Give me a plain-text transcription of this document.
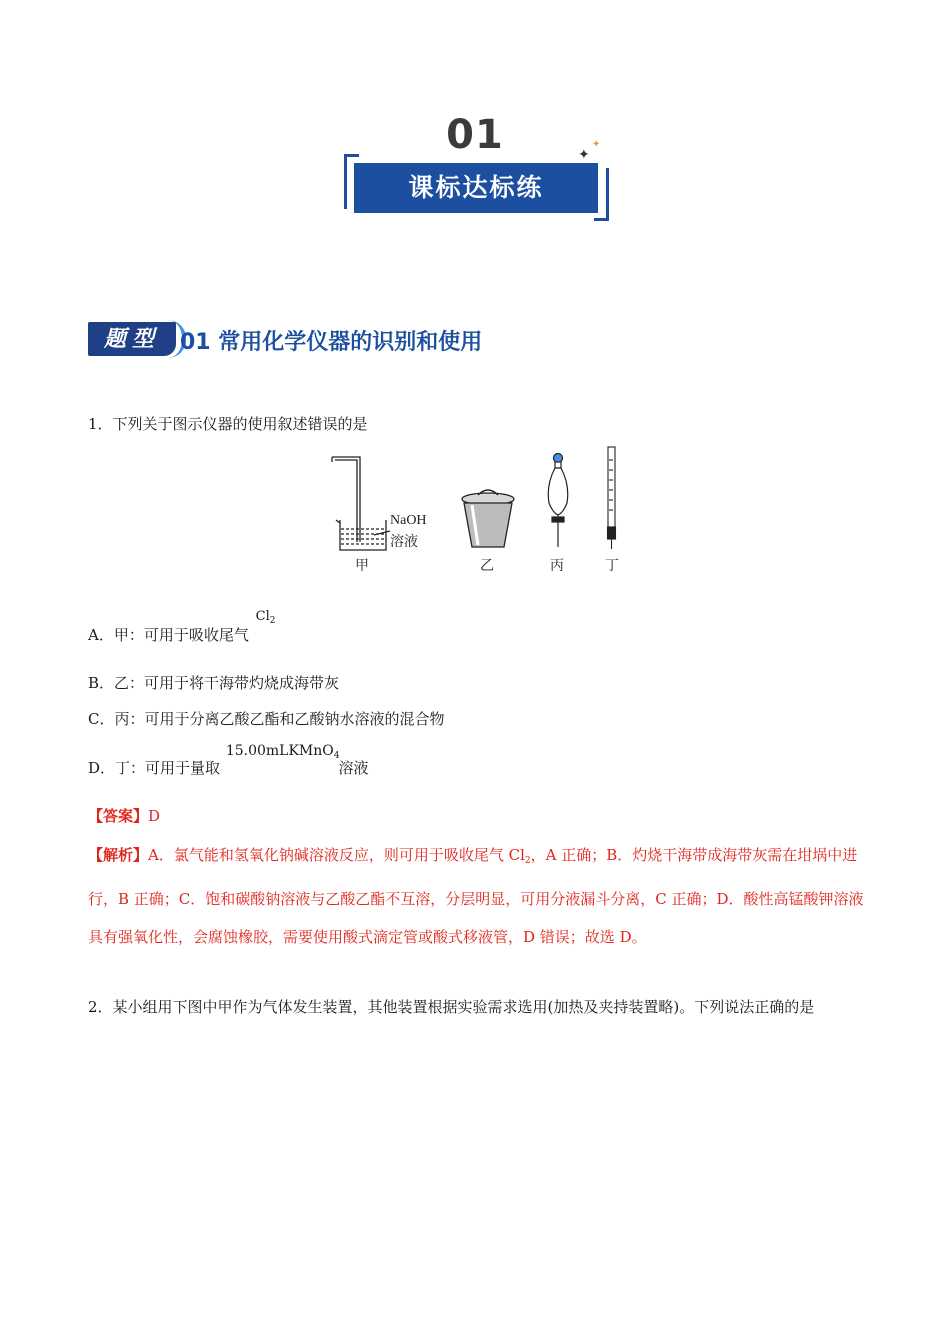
01	✦
✦
课标达标练
题型 01 常用化学仪器的识别和使用
1．下列关于图示仪器的使用叙述错误的是
NaOH
溶液
甲	乙	丙	丁
A．甲：可用于吸收尾气 $Cl_2$
B．乙：可用于将干海带灼烧成海带灰
C．丙：可用于分离乙酸乙酯和乙酸钠水溶液的混合物
D．丁：可用于量取 15.00mLKMnO$_4$溶液
【答案】D
【解析】A．氯气能和氢氧化钠碱溶液反应，则可用于吸收尾气 $Cl_2$，A 正确；B．灼烧干海带成海带灰需在坩埚中进行，B 正确；C．饱和碳酸钠溶液与乙酸乙酯不互溶，分层明显，可用分液漏斗分离，C 正确；D．酸性高锰酸钾溶液具有强氧化性，会腐蚀橡胶，需要使用酸式滴定管或酸式移液管，D 错误；故选 D。
2．某小组用下图中甲作为气体发生装置，其他装置根据实验需求选用(加热及夹持装置略)。下列说法正确的是
